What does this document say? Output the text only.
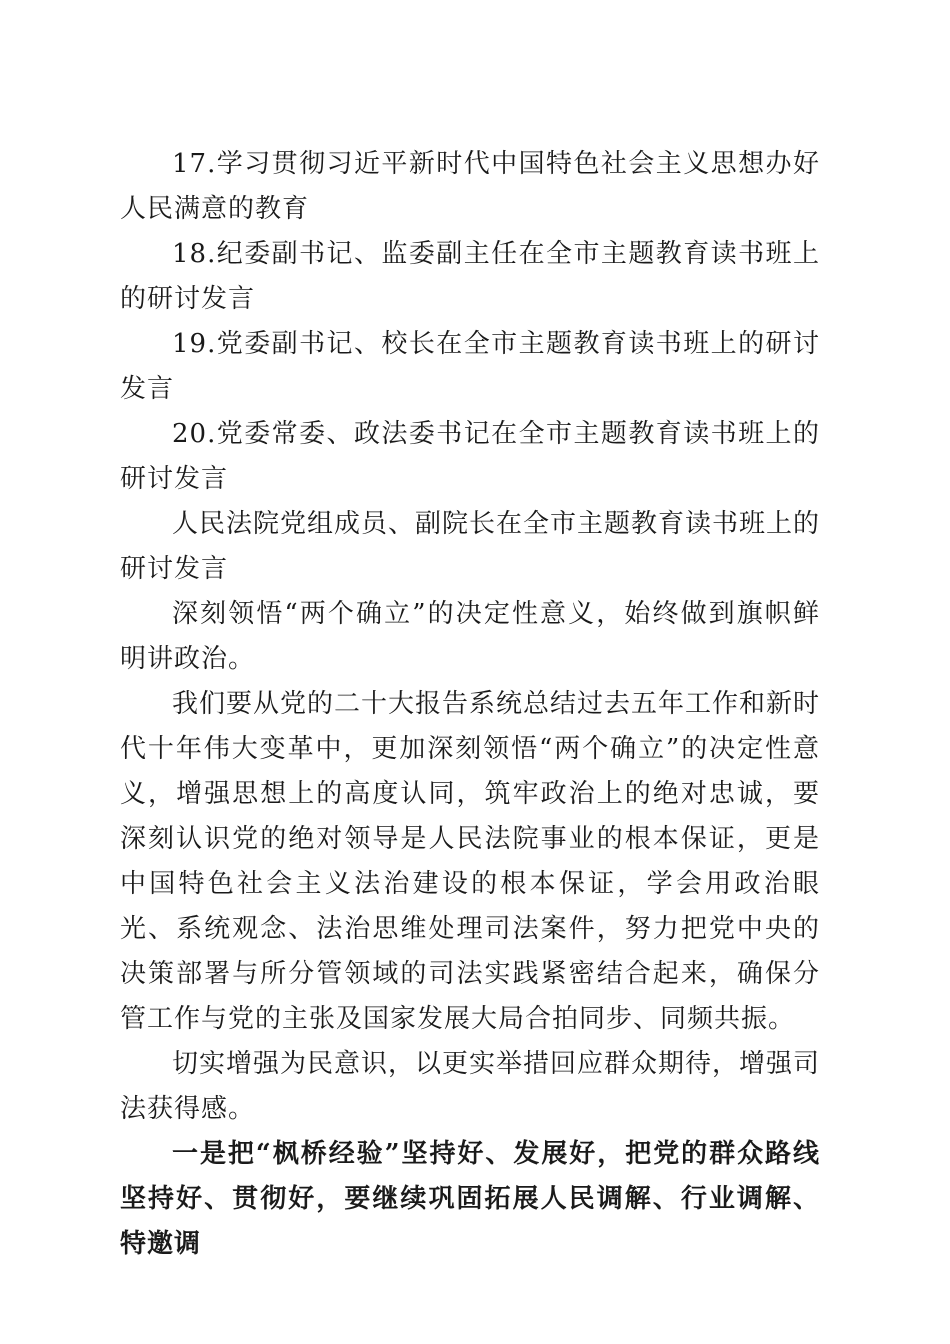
17.学习贯彻习近平新时代中国特色社会主义思想办好人民满意的教育

18.纪委副书记、监委副主任在全市主题教育读书班上的研讨发言

19.党委副书记、校长在全市主题教育读书班上的研讨发言

20.党委常委、政法委书记在全市主题教育读书班上的研讨发言

人民法院党组成员、副院长在全市主题教育读书班上的研讨发言

深刻领悟“两个确立”的决定性意义，始终做到旗帜鲜明讲政治。

我们要从党的二十大报告系统总结过去五年工作和新时代十年伟大变革中，更加深刻领悟“两个确立”的决定性意义，增强思想上的高度认同，筑牢政治上的绝对忠诚，要深刻认识党的绝对领导是人民法院事业的根本保证，更是中国特色社会主义法治建设的根本保证，学会用政治眼光、系统观念、法治思维处理司法案件，努力把党中央的决策部署与所分管领域的司法实践紧密结合起来，确保分管工作与党的主张及国家发展大局合拍同步、同频共振。

切实增强为民意识，以更实举措回应群众期待，增强司法获得感。

一是把“枫桥经验”坚持好、发展好，把党的群众路线坚持好、贯彻好，要继续巩固拓展人民调解、行业调解、特邀调
